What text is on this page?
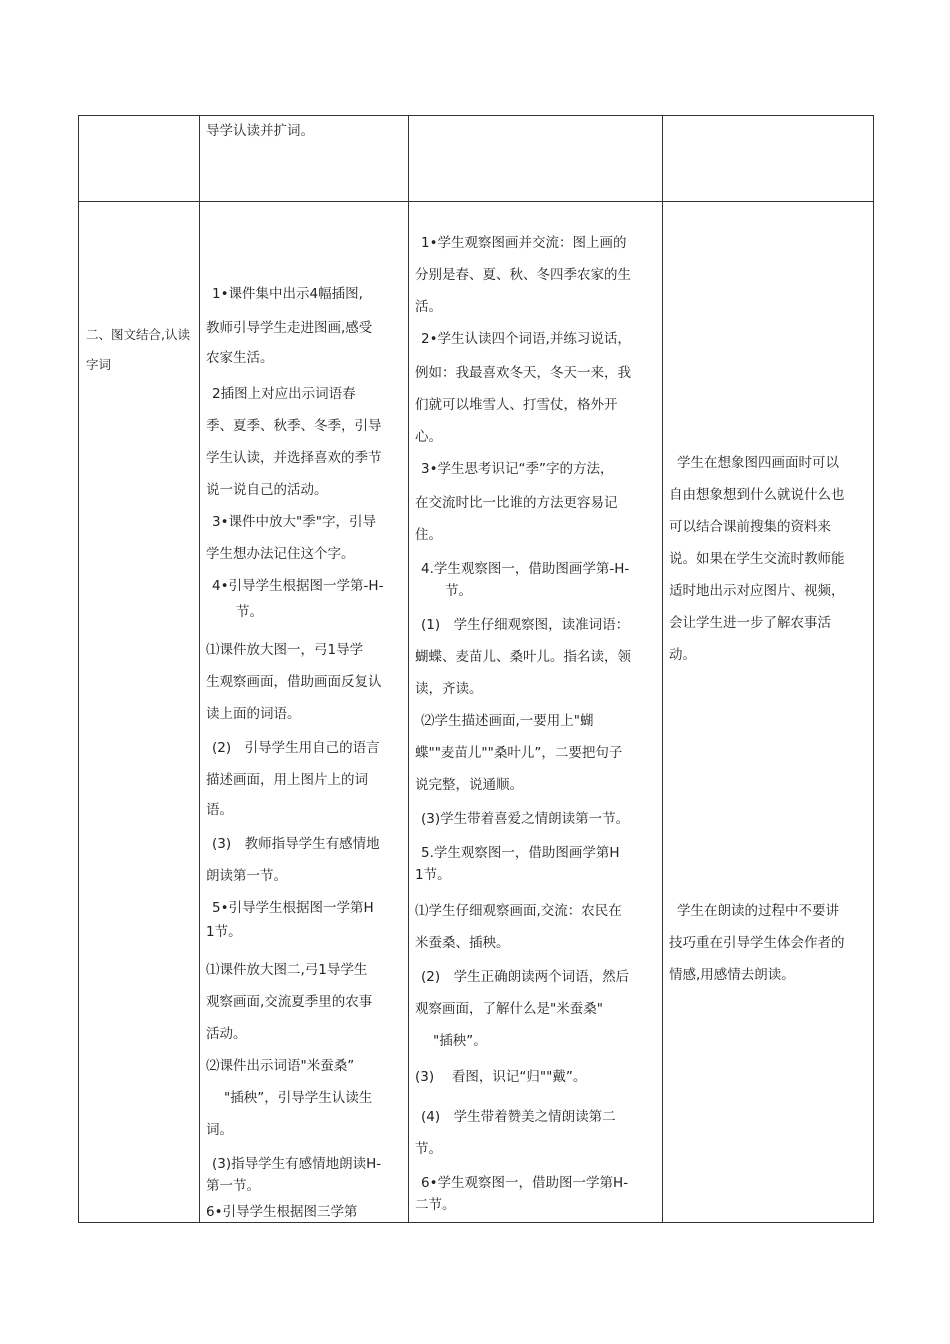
导学认读并扩词。

二、图文结合,认读字词

1•课件集中出示4幅插图,

教师引导学生走进图画,感受

农家生活。

2插图上对应出示词语春

季、夏季、秋季、冬季，引导

学生认读，并选择喜欢的季节

说一说自己的活动。

3•课件中放大"季"字，引导

学生想办法记住这个字。

4•引导学生根据图一学第-H-

节。

⑴课件放大图一，弓1导学

生观察画面，借助画面反复认

读上面的词语。

(2)　引导学生用自己的语言

描述画面，用上图片上的词

语。

(3)　教师指导学生有感情地

朗读第一节。

5•引导学生根据图一学第H

1节。

⑴课件放大图二,弓1导学生

观察画面,交流夏季里的农事

活动。

⑵课件出示词语"米蚕桑”

"插秧”，引导学生认读生

词。

(3)指导学生有感情地朗读H-

第一节。

6•引导学生根据图三学第

1•学生观察图画并交流：图上画的

分别是春、夏、秋、冬四季农家的生

活。

2•学生认读四个词语,并练习说话，

例如：我最喜欢冬天，冬天一来，我

们就可以堆雪人、打雪仗，格外开

心。

3•学生思考识记“季”字的方法，

在交流时比一比谁的方法更容易记

住。

4.学生观察图一，借助图画学第-H-

节。

(1)　学生仔细观察图，读准词语：

蝴蝶、麦苗儿、桑叶儿。指名读，领

读，齐读。

⑵学生描述画面,一要用上"蝴

蝶""麦苗儿""桑叶儿”，二要把句子

说完整，说通顺。

(3)学生带着喜爱之情朗读第一节。

5.学生观察图一，借助图画学第H

1节。

⑴学生仔细观察画面,交流：农民在

米蚕桑、插秧。

(2)　学生正确朗读两个词语，然后

观察画面，了解什么是"米蚕桑"

"插秧”。

(3)　 看图，识记“归""戴”。

(4)　学生带着赞美之情朗读第二

节。

6•学生观察图一，借助图一学第H-

二节。

学生在想象图四画面时可以

自由想象想到什么就说什么也

可以结合课前搜集的资料来

说。如果在学生交流时教师能

适时地出示对应图片、视频，

会让学生进一步了解农事活

动。

学生在朗读的过程中不要讲

技巧重在引导学生体会作者的

情感,用感情去朗读。
